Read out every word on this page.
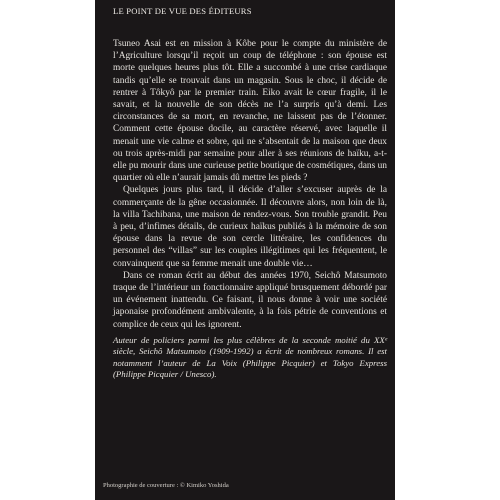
LE POINT DE VUE DES ÉDITEURS

Tsuneo Asai est en mission à Kôbe pour le compte du ministère de l’Agriculture lorsqu’il reçoit un coup de téléphone : son épouse est morte quelques heures plus tôt. Elle a succombé à une crise cardiaque tandis qu’elle se trouvait dans un magasin. Sous le choc, il décide de rentrer à Tôkyô par le premier train. Eiko avait le cœur fragile, il le savait, et la nouvelle de son décès ne l’a surpris qu’à demi. Les circonstances de sa mort, en revanche, ne laissent pas de l’étonner. Comment cette épouse docile, au caractère réservé, avec laquelle il menait une vie calme et sobre, qui ne s’absentait de la maison que deux ou trois après-midi par semaine pour aller à ses réunions de haïku, a-t-elle pu mourir dans une curieuse petite boutique de cosmétiques, dans un quartier où elle n’aurait jamais dû mettre les pieds ?

Quelques jours plus tard, il décide d’aller s’excuser auprès de la commerçante de la gêne occasionnée. Il découvre alors, non loin de là, la villa Tachibana, une maison de rendez-vous. Son trouble grandit. Peu à peu, d’infimes détails, de curieux haïkus publiés à la mémoire de son épouse dans la revue de son cercle littéraire, les confidences du personnel des “villas” sur les couples illégitimes qui les fréquentent, le convainquent que sa femme menait une double vie…

Dans ce roman écrit au début des années 1970, Seichô Matsumoto traque de l’intérieur un fonctionnaire appliqué brusquement débordé par un événement inattendu. Ce faisant, il nous donne à voir une société japonaise profondément ambivalente, à la fois pétrie de conventions et complice de ceux qui les ignorent.

Auteur de policiers parmi les plus célèbres de la seconde moitié du XXᵉ siècle, Seichô Matsumoto (1909-1992) a écrit de nombreux romans. Il est notamment l’auteur de La Voix (Philippe Picquier) et Tokyo Express (Philippe Picquier / Unesco).

Photographie de couverture : © Kimiko Yoshida
